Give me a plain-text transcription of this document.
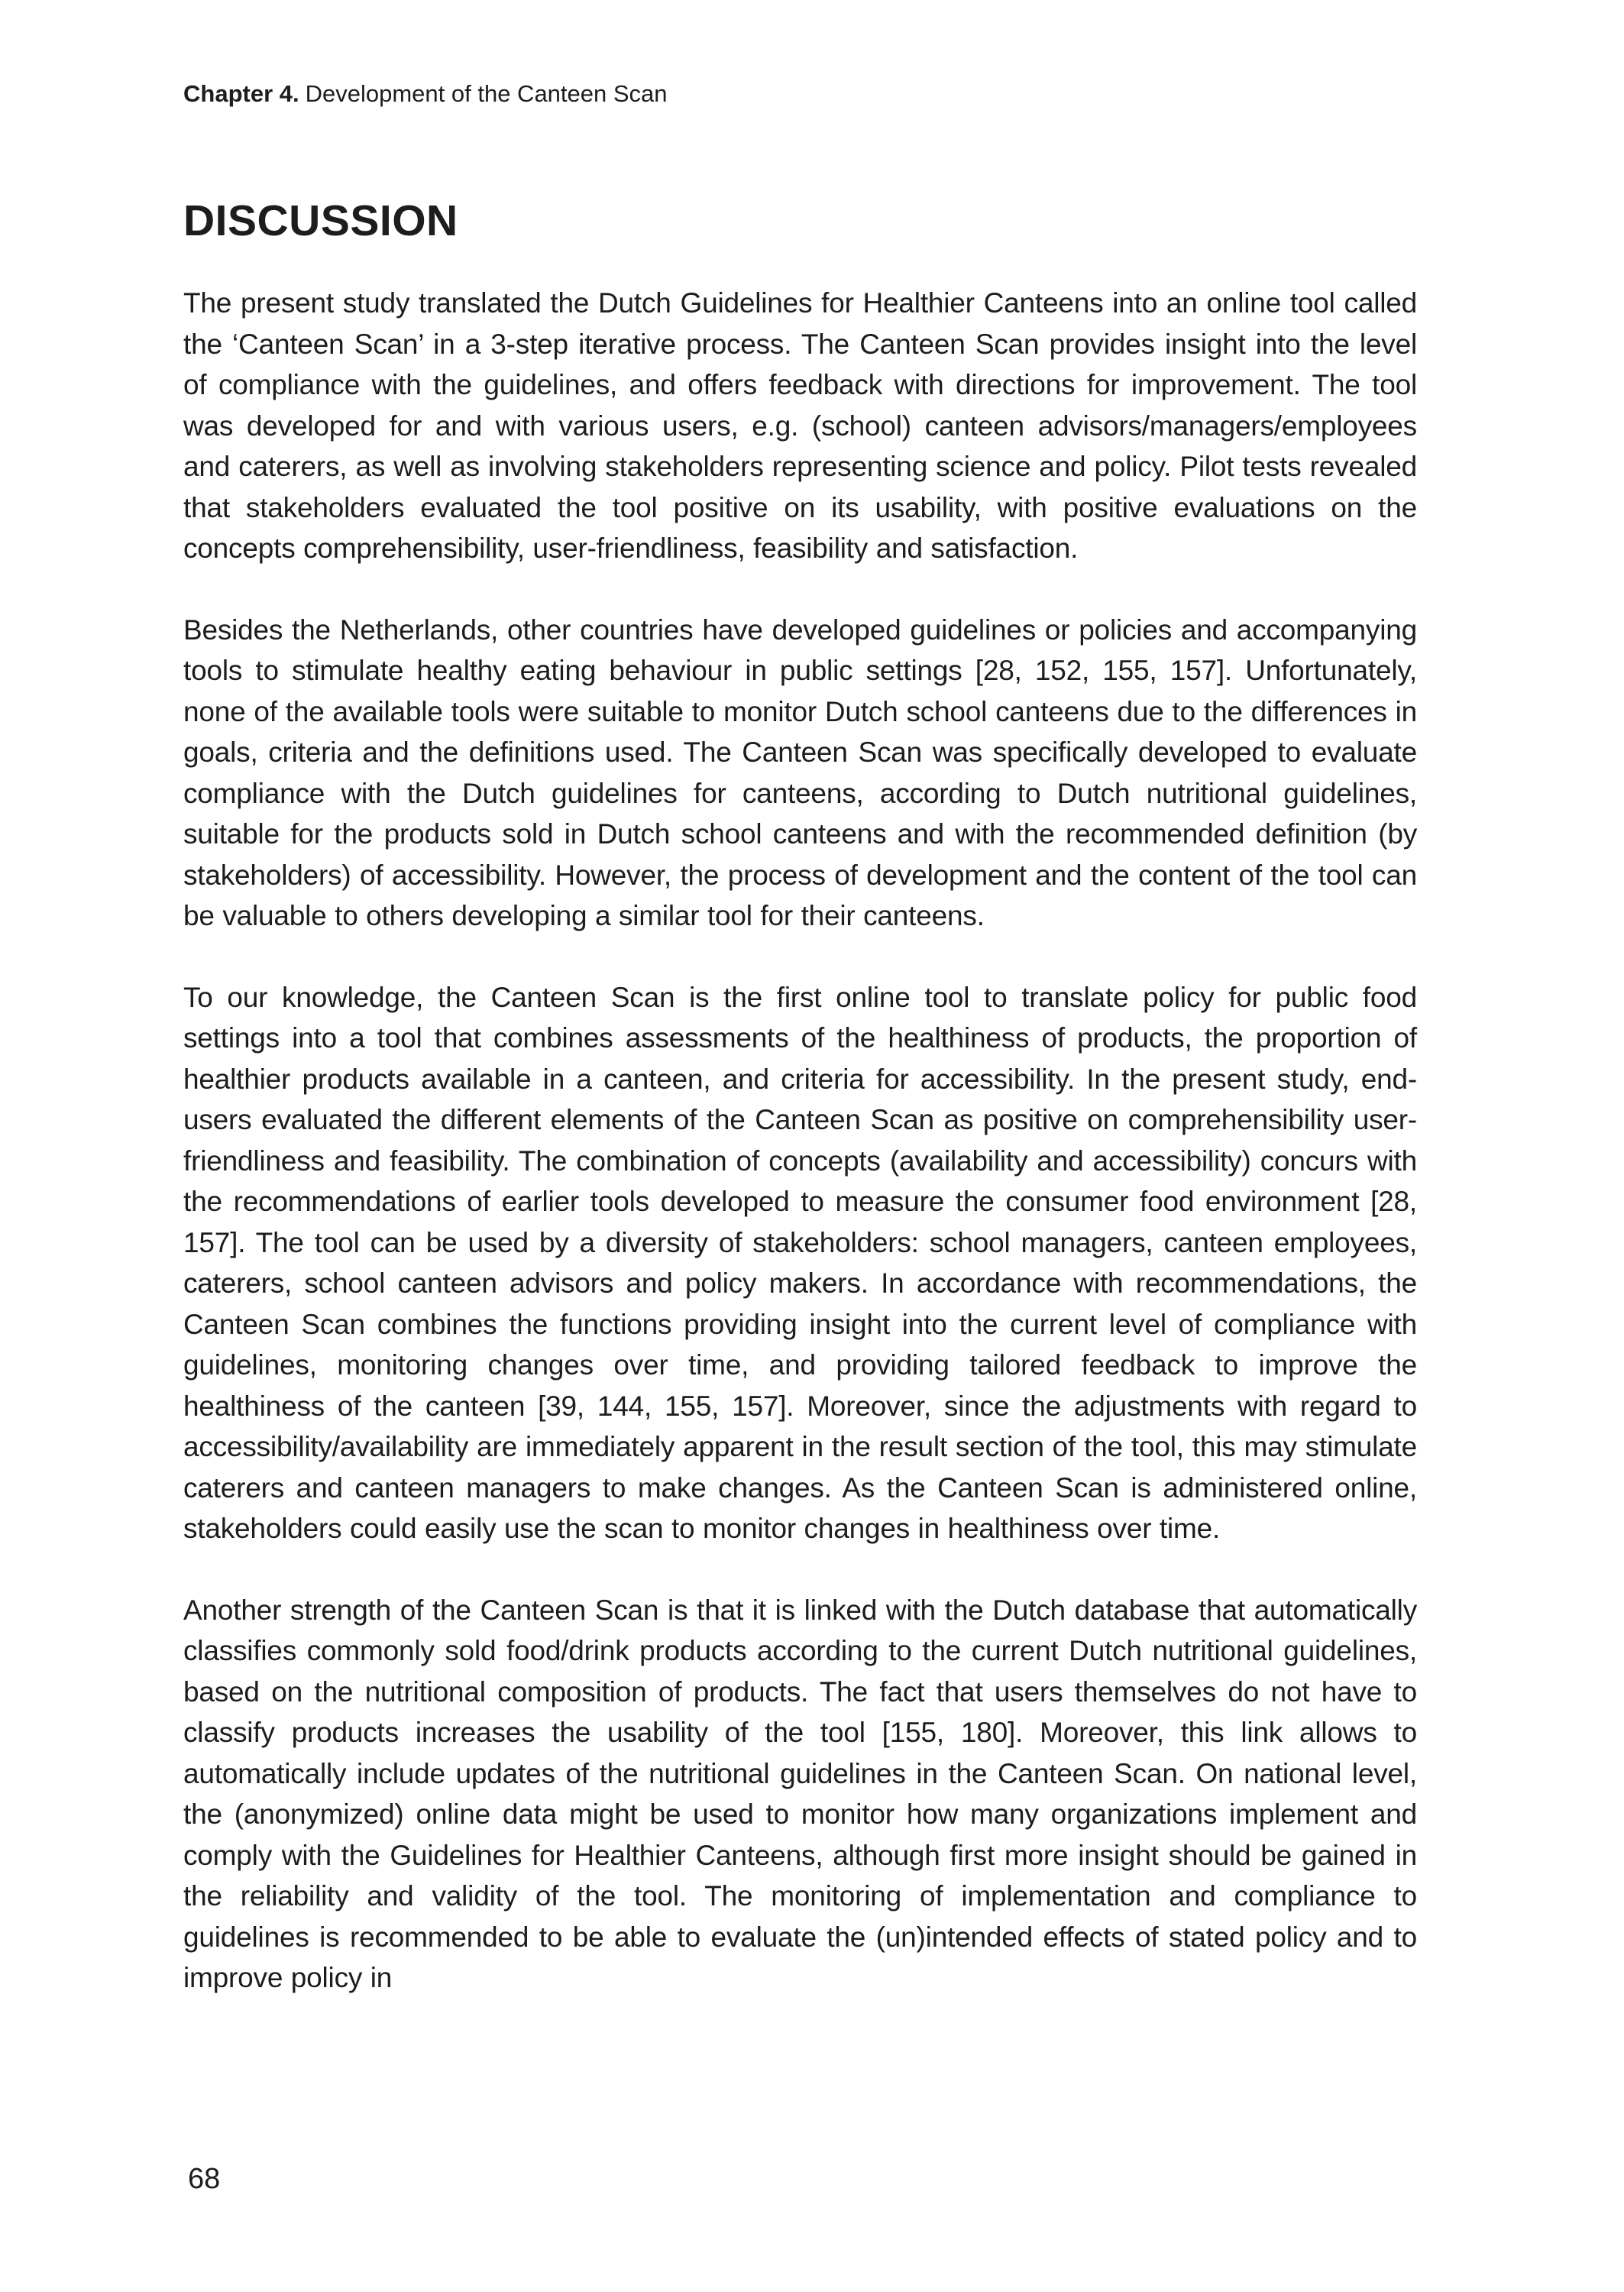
Chapter 4. Development of the Canteen Scan
DISCUSSION

The present study translated the Dutch Guidelines for Healthier Canteens into an online tool called the ‘Canteen Scan’ in a 3-step iterative process. The Canteen Scan provides insight into the level of compliance with the guidelines, and offers feedback with directions for improvement. The tool was developed for and with various users, e.g. (school) canteen advisors/managers/employees and caterers, as well as involving stakeholders representing science and policy. Pilot tests revealed that stakeholders evaluated the tool positive on its usability, with positive evaluations on the concepts comprehensibility, user-friendliness, feasibility and satisfaction.

Besides the Netherlands, other countries have developed guidelines or policies and accompanying tools to stimulate healthy eating behaviour in public settings [28, 152, 155, 157]. Unfortunately, none of the available tools were suitable to monitor Dutch school canteens due to the differences in goals, criteria and the definitions used. The Canteen Scan was specifically developed to evaluate compliance with the Dutch guidelines for canteens, according to Dutch nutritional guidelines, suitable for the products sold in Dutch school canteens and with the recommended definition (by stakeholders) of accessibility. However, the process of development and the content of the tool can be valuable to others developing a similar tool for their canteens.

To our knowledge, the Canteen Scan is the first online tool to translate policy for public food settings into a tool that combines assessments of the healthiness of products, the proportion of healthier products available in a canteen, and criteria for accessibility. In the present study, end-users evaluated the different elements of the Canteen Scan as positive on comprehensibility user-friendliness and feasibility. The combination of concepts (availability and accessibility) concurs with the recommendations of earlier tools developed to measure the consumer food environment [28, 157]. The tool can be used by a diversity of stakeholders: school managers, canteen employees, caterers, school canteen advisors and policy makers. In accordance with recommendations, the Canteen Scan combines the functions providing insight into the current level of compliance with guidelines, monitoring changes over time, and providing tailored feedback to improve the healthiness of the canteen [39, 144, 155, 157]. Moreover, since the adjustments with regard to accessibility/availability are immediately apparent in the result section of the tool, this may stimulate caterers and canteen managers to make changes. As the Canteen Scan is administered online, stakeholders could easily use the scan to monitor changes in healthiness over time.

Another strength of the Canteen Scan is that it is linked with the Dutch database that automatically classifies commonly sold food/drink products according to the current Dutch nutritional guidelines, based on the nutritional composition of products. The fact that users themselves do not have to classify products increases the usability of the tool [155, 180]. Moreover, this link allows to automatically include updates of the nutritional guidelines in the Canteen Scan. On national level, the (anonymized) online data might be used to monitor how many organizations implement and comply with the Guidelines for Healthier Canteens, although first more insight should be gained in the reliability and validity of the tool. The monitoring of implementation and compliance to guidelines is recommended to be able to evaluate the (un)intended effects of stated policy and to improve policy in

68
